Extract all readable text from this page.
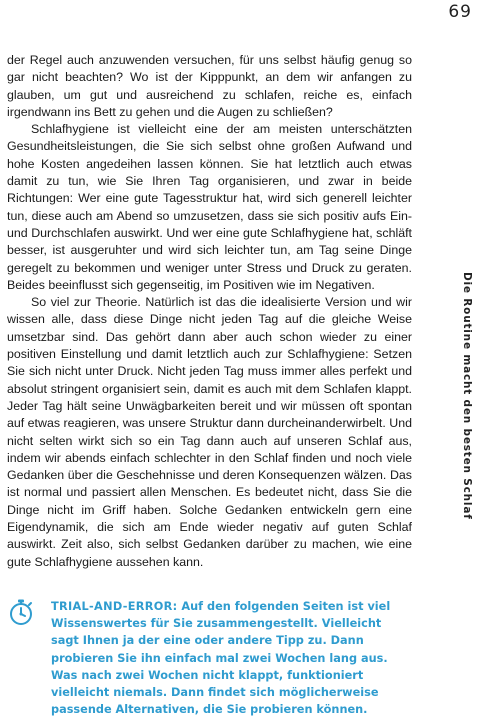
69

der Regel auch anzuwenden versuchen, für uns selbst häufig genug so gar nicht beachten? Wo ist der Kipppunkt, an dem wir anfangen zu glauben, um gut und ausreichend zu schlafen, reiche es, einfach irgendwann ins Bett zu gehen und die Augen zu schließen?

Schlafhygiene ist vielleicht eine der am meisten unterschätzten Gesundheitsleistungen, die Sie sich selbst ohne großen Aufwand und hohe Kosten angedeihen lassen können. Sie hat letztlich auch etwas damit zu tun, wie Sie Ihren Tag organisieren, und zwar in beide Richtungen: Wer eine gute Tagesstruktur hat, wird sich generell leichter tun, diese auch am Abend so umzusetzen, dass sie sich positiv aufs Ein- und Durchschlafen auswirkt. Und wer eine gute Schlafhygiene hat, schläft besser, ist ausgeruhter und wird sich leichter tun, am Tag seine Dinge geregelt zu bekommen und weniger unter Stress und Druck zu geraten. Beides beeinflusst sich gegenseitig, im Positiven wie im Negativen.

So viel zur Theorie. Natürlich ist das die idealisierte Version und wir wissen alle, dass diese Dinge nicht jeden Tag auf die gleiche Weise umsetzbar sind. Das gehört dann aber auch schon wieder zu einer positiven Einstellung und damit letztlich auch zur Schlafhygiene: Setzen Sie sich nicht unter Druck. Nicht jeden Tag muss immer alles perfekt und absolut stringent organisiert sein, damit es auch mit dem Schlafen klappt. Jeder Tag hält seine Unwägbarkeiten bereit und wir müssen oft spontan auf etwas reagieren, was unsere Struktur dann durcheinanderwirbelt. Und nicht selten wirkt sich so ein Tag dann auch auf unseren Schlaf aus, indem wir abends einfach schlechter in den Schlaf finden und noch viele Gedanken über die Geschehnisse und deren Konsequenzen wälzen. Das ist normal und passiert allen Menschen. Es bedeutet nicht, dass Sie die Dinge nicht im Griff haben. Solche Gedanken entwickeln gern eine Eigendynamik, die sich am Ende wieder negativ auf guten Schlaf auswirkt. Zeit also, sich selbst Gedanken darüber zu machen, wie eine gute Schlafhygiene aussehen kann.

Die Routine macht den besten Schlaf
TRIAL-AND-ERROR: Auf den folgenden Seiten ist viel Wissenswertes für Sie zusammengestellt. Vielleicht sagt Ihnen ja der eine oder andere Tipp zu. Dann probieren Sie ihn einfach mal zwei Wochen lang aus. Was nach zwei Wochen nicht klappt, funktioniert vielleicht niemals. Dann findet sich möglicherweise passende Alternativen, die Sie probieren können.
